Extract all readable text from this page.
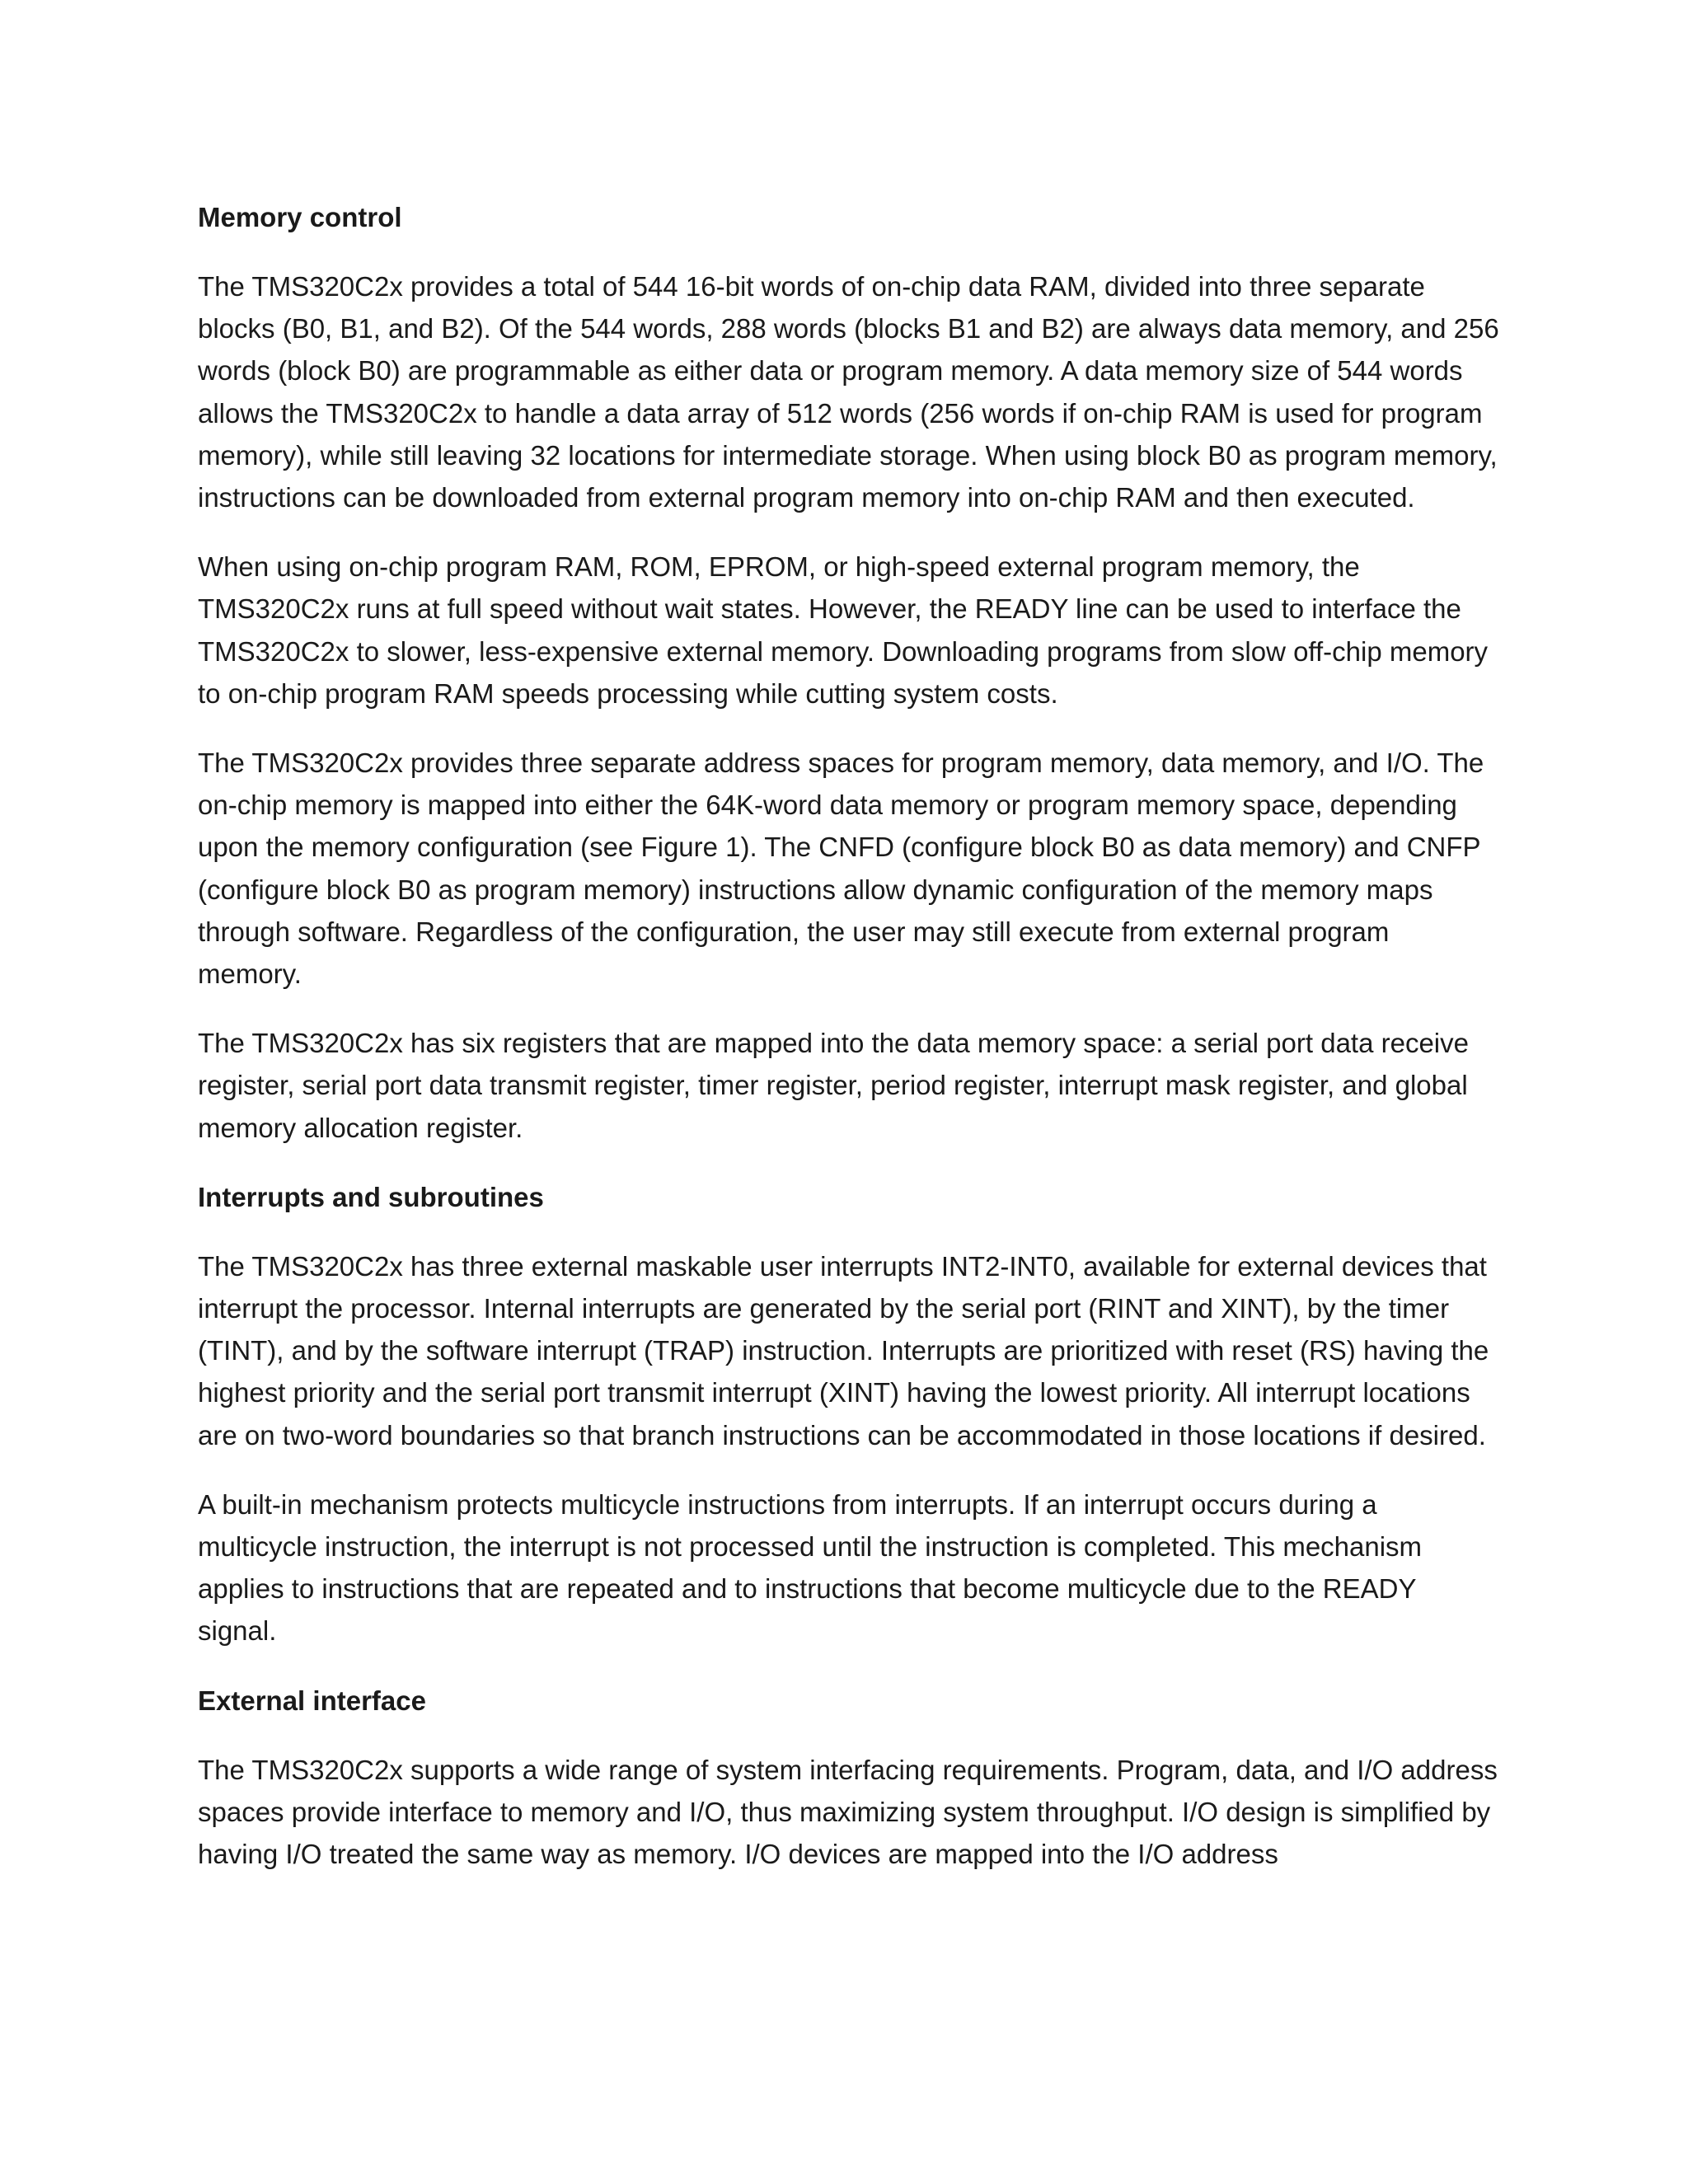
Memory control

The TMS320C2x provides a total of 544 16-bit words of on-chip data RAM, divided into three separate blocks (B0, B1, and B2). Of the 544 words, 288 words (blocks B1 and B2) are always data memory, and 256 words (block B0) are programmable as either data or program memory. A data memory size of 544 words allows the TMS320C2x to handle a data array of 512 words (256 words if on-chip RAM is used for program memory), while still leaving 32 locations for intermediate storage. When using block B0 as program memory, instructions can be downloaded from external program memory into on-chip RAM and then executed.

When using on-chip program RAM, ROM, EPROM, or high-speed external program memory, the TMS320C2x runs at full speed without wait states. However, the READY line can be used to interface the TMS320C2x to slower, less-expensive external memory. Downloading programs from slow off-chip memory to on-chip program RAM speeds processing while cutting system costs.

The TMS320C2x provides three separate address spaces for program memory, data memory, and I/O. The on-chip memory is mapped into either the 64K-word data memory or program memory space, depending upon the memory configuration (see Figure 1). The CNFD (configure block B0 as data memory) and CNFP (configure block B0 as program memory) instructions allow dynamic configuration of the memory maps through software. Regardless of the configuration, the user may still execute from external program memory.

The TMS320C2x has six registers that are mapped into the data memory space: a serial port data receive register, serial port data transmit register, timer register, period register, interrupt mask register, and global memory allocation register.

Interrupts and subroutines

The TMS320C2x has three external maskable user interrupts INT2-INT0, available for external devices that interrupt the processor. Internal interrupts are generated by the serial port (RINT and XINT), by the timer (TINT), and by the software interrupt (TRAP) instruction. Interrupts are prioritized with reset (RS) having the highest priority and the serial port transmit interrupt (XINT) having the lowest priority. All interrupt locations are on two-word boundaries so that branch instructions can be accommodated in those locations if desired.

A built-in mechanism protects multicycle instructions from interrupts. If an interrupt occurs during a multicycle instruction, the interrupt is not processed until the instruction is completed. This mechanism applies to instructions that are repeated and to instructions that become multicycle due to the READY signal.

External interface

The TMS320C2x supports a wide range of system interfacing requirements. Program, data, and I/O address spaces provide interface to memory and I/O, thus maximizing system throughput. I/O design is simplified by having I/O treated the same way as memory. I/O devices are mapped into the I/O address
